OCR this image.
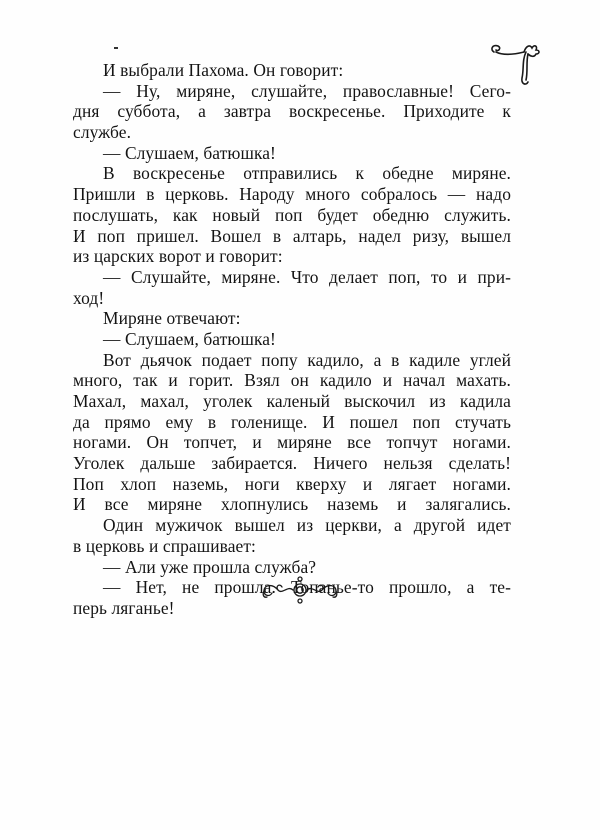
И выбрали Пахома. Он говорит:
— Ну, миряне, слушайте, православные! Сего-
дня суббота, а завтра воскресенье. Приходите к
службе.
— Слушаем, батюшка!
В воскресенье отправились к обедне миряне.
Пришли в церковь. Народу много собралось — надо
послушать, как новый поп будет обедню служить.
И поп пришел. Вошел в алтарь, надел ризу, вышел
из царских ворот и говорит:
— Слушайте, миряне. Что делает поп, то и при-
ход!
Миряне отвечают:
— Слушаем, батюшка!
Вот дьячок подает попу кадило, а в кадиле углей
много, так и горит. Взял он кадило и начал махать.
Махал, махал, уголек каленый выскочил из кадила
да прямо ему в голенище. И пошел поп стучать
ногами. Он топчет, и миряне все топчут ногами.
Уголек дальше забирается. Ничего нельзя сделать!
Поп хлоп наземь, ноги кверху и лягает ногами.
И все миряне хлопнулись наземь и залягались.
Один мужичок вышел из церкви, а другой идет
в церковь и спрашивает:
— Али уже прошла служба?
— Нет, не прошла. Топанье-то прошло, а те-
перь ляганье!
